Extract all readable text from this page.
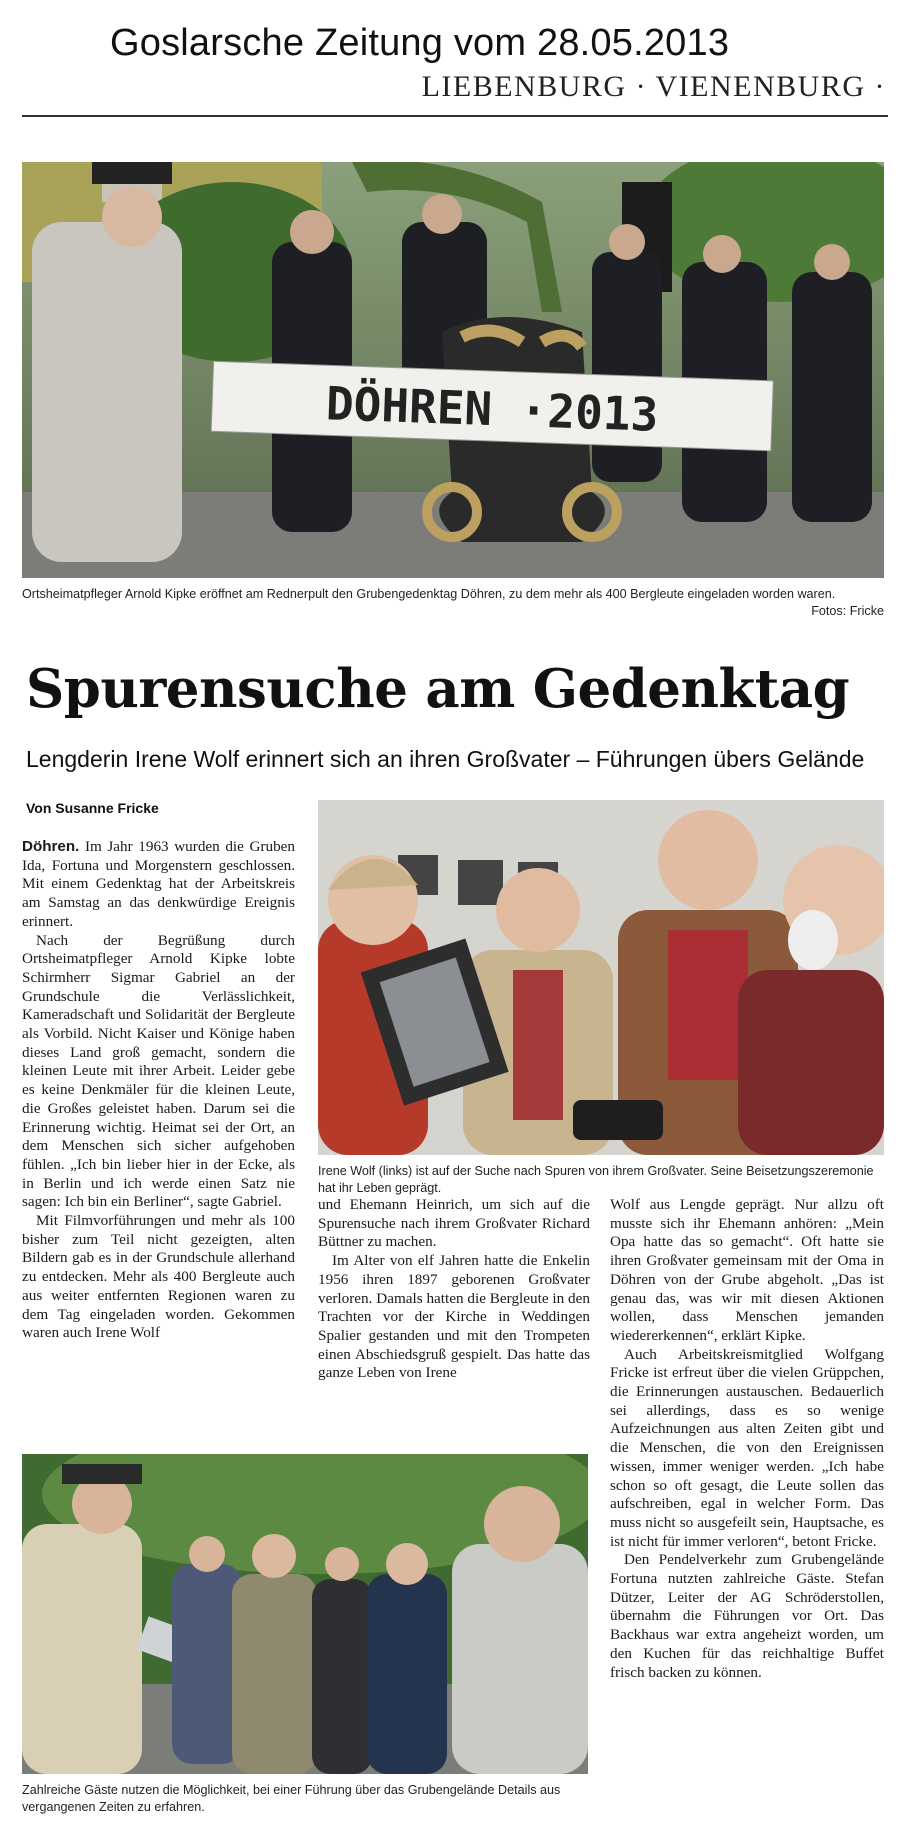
Goslarsche Zeitung vom 28.05.2013
LIEBENBURG · VIENENBURG ·
DÖHREN ·2013
Ortsheimatpfleger Arnold Kipke eröffnet am Rednerpult den Grubengedenktag Döhren, zu dem mehr als 400 Bergleute eingeladen worden waren.
Fotos: Fricke
Spurensuche am Gedenktag
Lengderin Irene Wolf erinnert sich an ihren Großvater – Führungen übers Gelände
Von Susanne Fricke
Irene Wolf (links) ist auf der Suche nach Spuren von ihrem Großvater. Seine Beisetzungszeremonie hat ihr Leben geprägt.

Döhren. Im Jahr 1963 wurden die Gruben Ida, Fortuna und Morgenstern geschlossen. Mit einem Gedenktag hat der Arbeitskreis am Samstag an das denkwürdige Ereignis erinnert.

Nach der Begrüßung durch Ortsheimatpfleger Arnold Kipke lobte Schirmherr Sigmar Gabriel an der Grundschule die Verlässlichkeit, Kameradschaft und Solidarität der Bergleute als Vorbild. Nicht Kaiser und Könige haben dieses Land groß gemacht, sondern die kleinen Leute mit ihrer Arbeit. Leider gebe es keine Denkmäler für die kleinen Leute, die Großes geleistet haben. Darum sei die Erinnerung wichtig. Heimat sei der Ort, an dem Menschen sich sicher aufgehoben fühlen. „Ich bin lieber hier in der Ecke, als in Berlin und ich werde einen Satz nie sagen: Ich bin ein Berliner“, sagte Gabriel.

Mit Filmvorführungen und mehr als 100 bisher zum Teil nicht gezeigten, alten Bildern gab es in der Grundschule allerhand zu entdecken. Mehr als 400 Bergleute auch aus weiter entfernten Regionen waren zu dem Tag eingeladen worden. Gekommen waren auch Irene Wolf

und Ehemann Heinrich, um sich auf die Spurensuche nach ihrem Großvater Richard Büttner zu machen.

Im Alter von elf Jahren hatte die Enkelin 1956 ihren 1897 geborenen Großvater verloren. Damals hatten die Bergleute in den Trachten vor der Kirche in Weddingen Spalier gestanden und mit den Trompeten einen Abschiedsgruß gespielt. Das hatte das ganze Leben von Irene

Wolf aus Lengde geprägt. Nur allzu oft musste sich ihr Ehemann anhören: „Mein Opa hatte das so gemacht“. Oft hatte sie ihren Großvater gemeinsam mit der Oma in Döhren von der Grube abgeholt. „Das ist genau das, was wir mit diesen Aktionen wollen, dass Menschen jemanden wiedererkennen“, erklärt Kipke.

Auch Arbeitskreismitglied Wolfgang Fricke ist erfreut über die vielen Grüppchen, die Erinnerungen austauschen. Bedauerlich sei allerdings, dass es so wenige Aufzeichnungen aus alten Zeiten gibt und die Menschen, die von den Ereignissen wissen, immer weniger werden. „Ich habe schon so oft gesagt, die Leute sollen das aufschreiben, egal in welcher Form. Das muss nicht so ausgefeilt sein, Hauptsache, es ist nicht für immer verloren“, betont Fricke.

Den Pendelverkehr zum Grubengelände Fortuna nutzten zahlreiche Gäste. Stefan Dützer, Leiter der AG Schröderstollen, übernahm die Führungen vor Ort. Das Backhaus war extra angeheizt worden, um den Kuchen für das reichhaltige Buffet frisch backen zu können.

Zahlreiche Gäste nutzen die Möglichkeit, bei einer Führung über das Grubengelände Details aus vergangenen Zeiten zu erfahren.
